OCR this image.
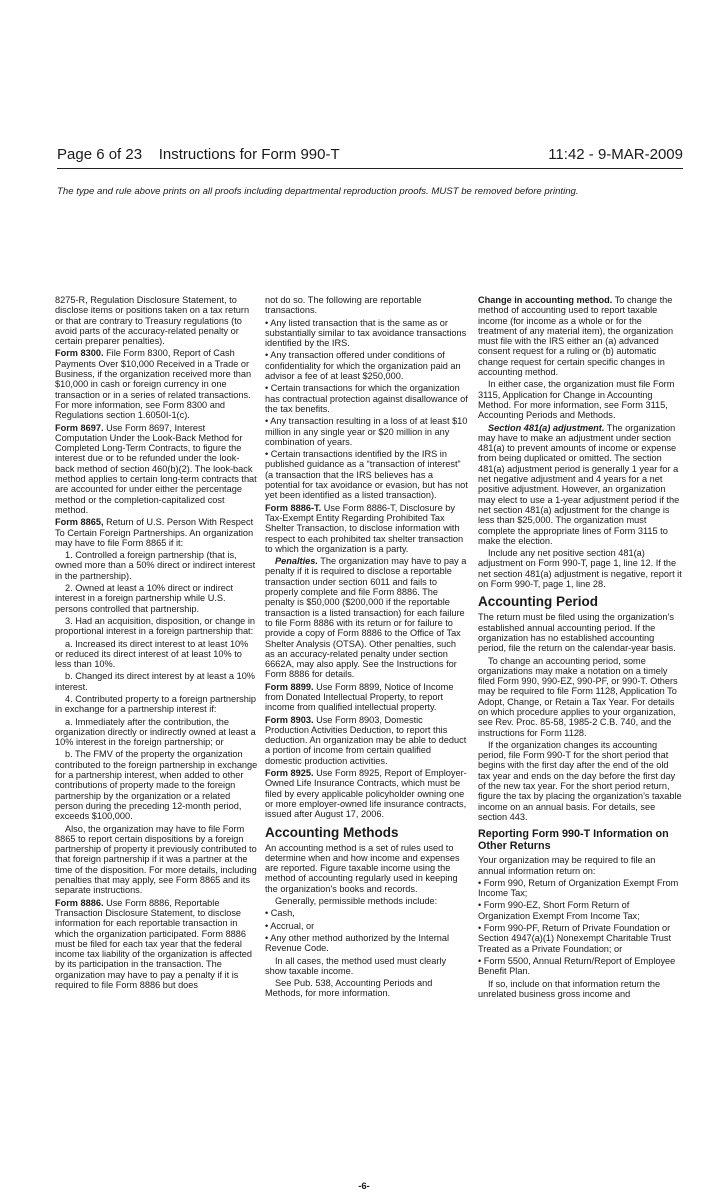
Page 6 of 23    Instructions for Form 990-T	11:42 - 9-MAR-2009
The type and rule above prints on all proofs including departmental reproduction proofs. MUST be removed before printing.

8275-R, Regulation Disclosure Statement, to disclose items or positions taken on a tax return or that are contrary to Treasury regulations (to avoid parts of the accuracy-related penalty or certain preparer penalties).

Form 8300. File Form 8300, Report of Cash Payments Over $10,000 Received in a Trade or Business, if the organization received more than $10,000 in cash or foreign currency in one transaction or in a series of related transactions. For more information, see Form 8300 and Regulations section 1.6050I-1(c).

Form 8697. Use Form 8697, Interest Computation Under the Look-Back Method for Completed Long-Term Contracts, to figure the interest due or to be refunded under the look-back method of section 460(b)(2). The look-back method applies to certain long-term contracts that are accounted for under either the percentage method or the completion-capitalized cost method.

Form 8865, Return of U.S. Person With Respect To Certain Foreign Partnerships. An organization may have to file Form 8865 if it:

1. Controlled a foreign partnership (that is, owned more than a 50% direct or indirect interest in the partnership).

2. Owned at least a 10% direct or indirect interest in a foreign partnership while U.S. persons controlled that partnership.

3. Had an acquisition, disposition, or change in proportional interest in a foreign partnership that:

a. Increased its direct interest to at least 10% or reduced its direct interest of at least 10% to less than 10%.

b. Changed its direct interest by at least a 10% interest.

4. Contributed property to a foreign partnership in exchange for a partnership interest if:

a. Immediately after the contribution, the organization directly or indirectly owned at least a 10% interest in the foreign partnership; or

b. The FMV of the property the organization contributed to the foreign partnership in exchange for a partnership interest, when added to other contributions of property made to the foreign partnership by the organization or a related person during the preceding 12-month period, exceeds $100,000.

Also, the organization may have to file Form 8865 to report certain dispositions by a foreign partnership of property it previously contributed to that foreign partnership if it was a partner at the time of the disposition. For more details, including penalties that may apply, see Form 8865 and its separate instructions.

Form 8886. Use Form 8886, Reportable Transaction Disclosure Statement, to disclose information for each reportable transaction in which the organization participated. Form 8886 must be filed for each tax year that the federal income tax liability of the organization is affected by its participation in the transaction. The organization may have to pay a penalty if it is required to file Form 8886 but does

not do so. The following are reportable transactions.

• Any listed transaction that is the same as or substantially similar to tax avoidance transactions identified by the IRS.

• Any transaction offered under conditions of confidentiality for which the organization paid an advisor a fee of at least $250,000.

• Certain transactions for which the organization has contractual protection against disallowance of the tax benefits.

• Any transaction resulting in a loss of at least $10 million in any single year or $20 million in any combination of years.

• Certain transactions identified by the IRS in published guidance as a “transaction of interest” (a transaction that the IRS believes has a potential for tax avoidance or evasion, but has not yet been identified as a listed transaction).

Form 8886-T. Use Form 8886-T, Disclosure by Tax-Exempt Entity Regarding Prohibited Tax Shelter Transaction, to disclose information with respect to each prohibited tax shelter transaction to which the organization is a party.

Penalties. The organization may have to pay a penalty if it is required to disclose a reportable transaction under section 6011 and fails to properly complete and file Form 8886. The penalty is $50,000 ($200,000 if the reportable transaction is a listed transaction) for each failure to file Form 8886 with its return or for failure to provide a copy of Form 8886 to the Office of Tax Shelter Analysis (OTSA). Other penalties, such as an accuracy-related penalty under section 6662A, may also apply. See the Instructions for Form 8886 for details.

Form 8899. Use Form 8899, Notice of Income from Donated Intellectual Property, to report income from qualified intellectual property.

Form 8903. Use Form 8903, Domestic Production Activities Deduction, to report this deduction. An organization may be able to deduct a portion of income from certain qualified domestic production activities.

Form 8925. Use Form 8925, Report of Employer-Owned Life Insurance Contracts, which must be filed by every applicable policyholder owning one or more employer-owned life insurance contracts, issued after August 17, 2006.

Accounting Methods

An accounting method is a set of rules used to determine when and how income and expenses are reported. Figure taxable income using the method of accounting regularly used in keeping the organization’s books and records.

Generally, permissible methods include:

• Cash,

• Accrual, or

• Any other method authorized by the Internal Revenue Code.

In all cases, the method used must clearly show taxable income.

See Pub. 538, Accounting Periods and Methods, for more information.

Change in accounting method. To change the method of accounting used to report taxable income (for income as a whole or for the treatment of any material item), the organization must file with the IRS either an (a) advanced consent request for a ruling or (b) automatic change request for certain specific changes in accounting method.

In either case, the organization must file Form 3115, Application for Change in Accounting Method. For more information, see Form 3115, Accounting Periods and Methods.

Section 481(a) adjustment. The organization may have to make an adjustment under section 481(a) to prevent amounts of income or expense from being duplicated or omitted. The section 481(a) adjustment period is generally 1 year for a net negative adjustment and 4 years for a net positive adjustment. However, an organization may elect to use a 1-year adjustment period if the net section 481(a) adjustment for the change is less than $25,000. The organization must complete the appropriate lines of Form 3115 to make the election.

Include any net positive section 481(a) adjustment on Form 990-T, page 1, line 12. If the net section 481(a) adjustment is negative, report it on Form 990-T, page 1, line 28.

Accounting Period

The return must be filed using the organization’s established annual accounting period. If the organization has no established accounting period, file the return on the calendar-year basis.

To change an accounting period, some organizations may make a notation on a timely filed Form 990, 990-EZ, 990-PF, or 990-T. Others may be required to file Form 1128, Application To Adopt, Change, or Retain a Tax Year. For details on which procedure applies to your organization, see Rev. Proc. 85-58, 1985-2 C.B. 740, and the instructions for Form 1128.

If the organization changes its accounting period, file Form 990-T for the short period that begins with the first day after the end of the old tax year and ends on the day before the first day of the new tax year. For the short period return, figure the tax by placing the organization’s taxable income on an annual basis. For details, see section 443.

Reporting Form 990-T Information on Other Returns

Your organization may be required to file an annual information return on:

• Form 990, Return of Organization Exempt From Income Tax;

• Form 990-EZ, Short Form Return of Organization Exempt From Income Tax;

• Form 990-PF, Return of Private Foundation or Section 4947(a)(1) Nonexempt Charitable Trust Treated as a Private Foundation; or

• Form 5500, Annual Return/Report of Employee Benefit Plan.

If so, include on that information return the unrelated business gross income and

-6-
